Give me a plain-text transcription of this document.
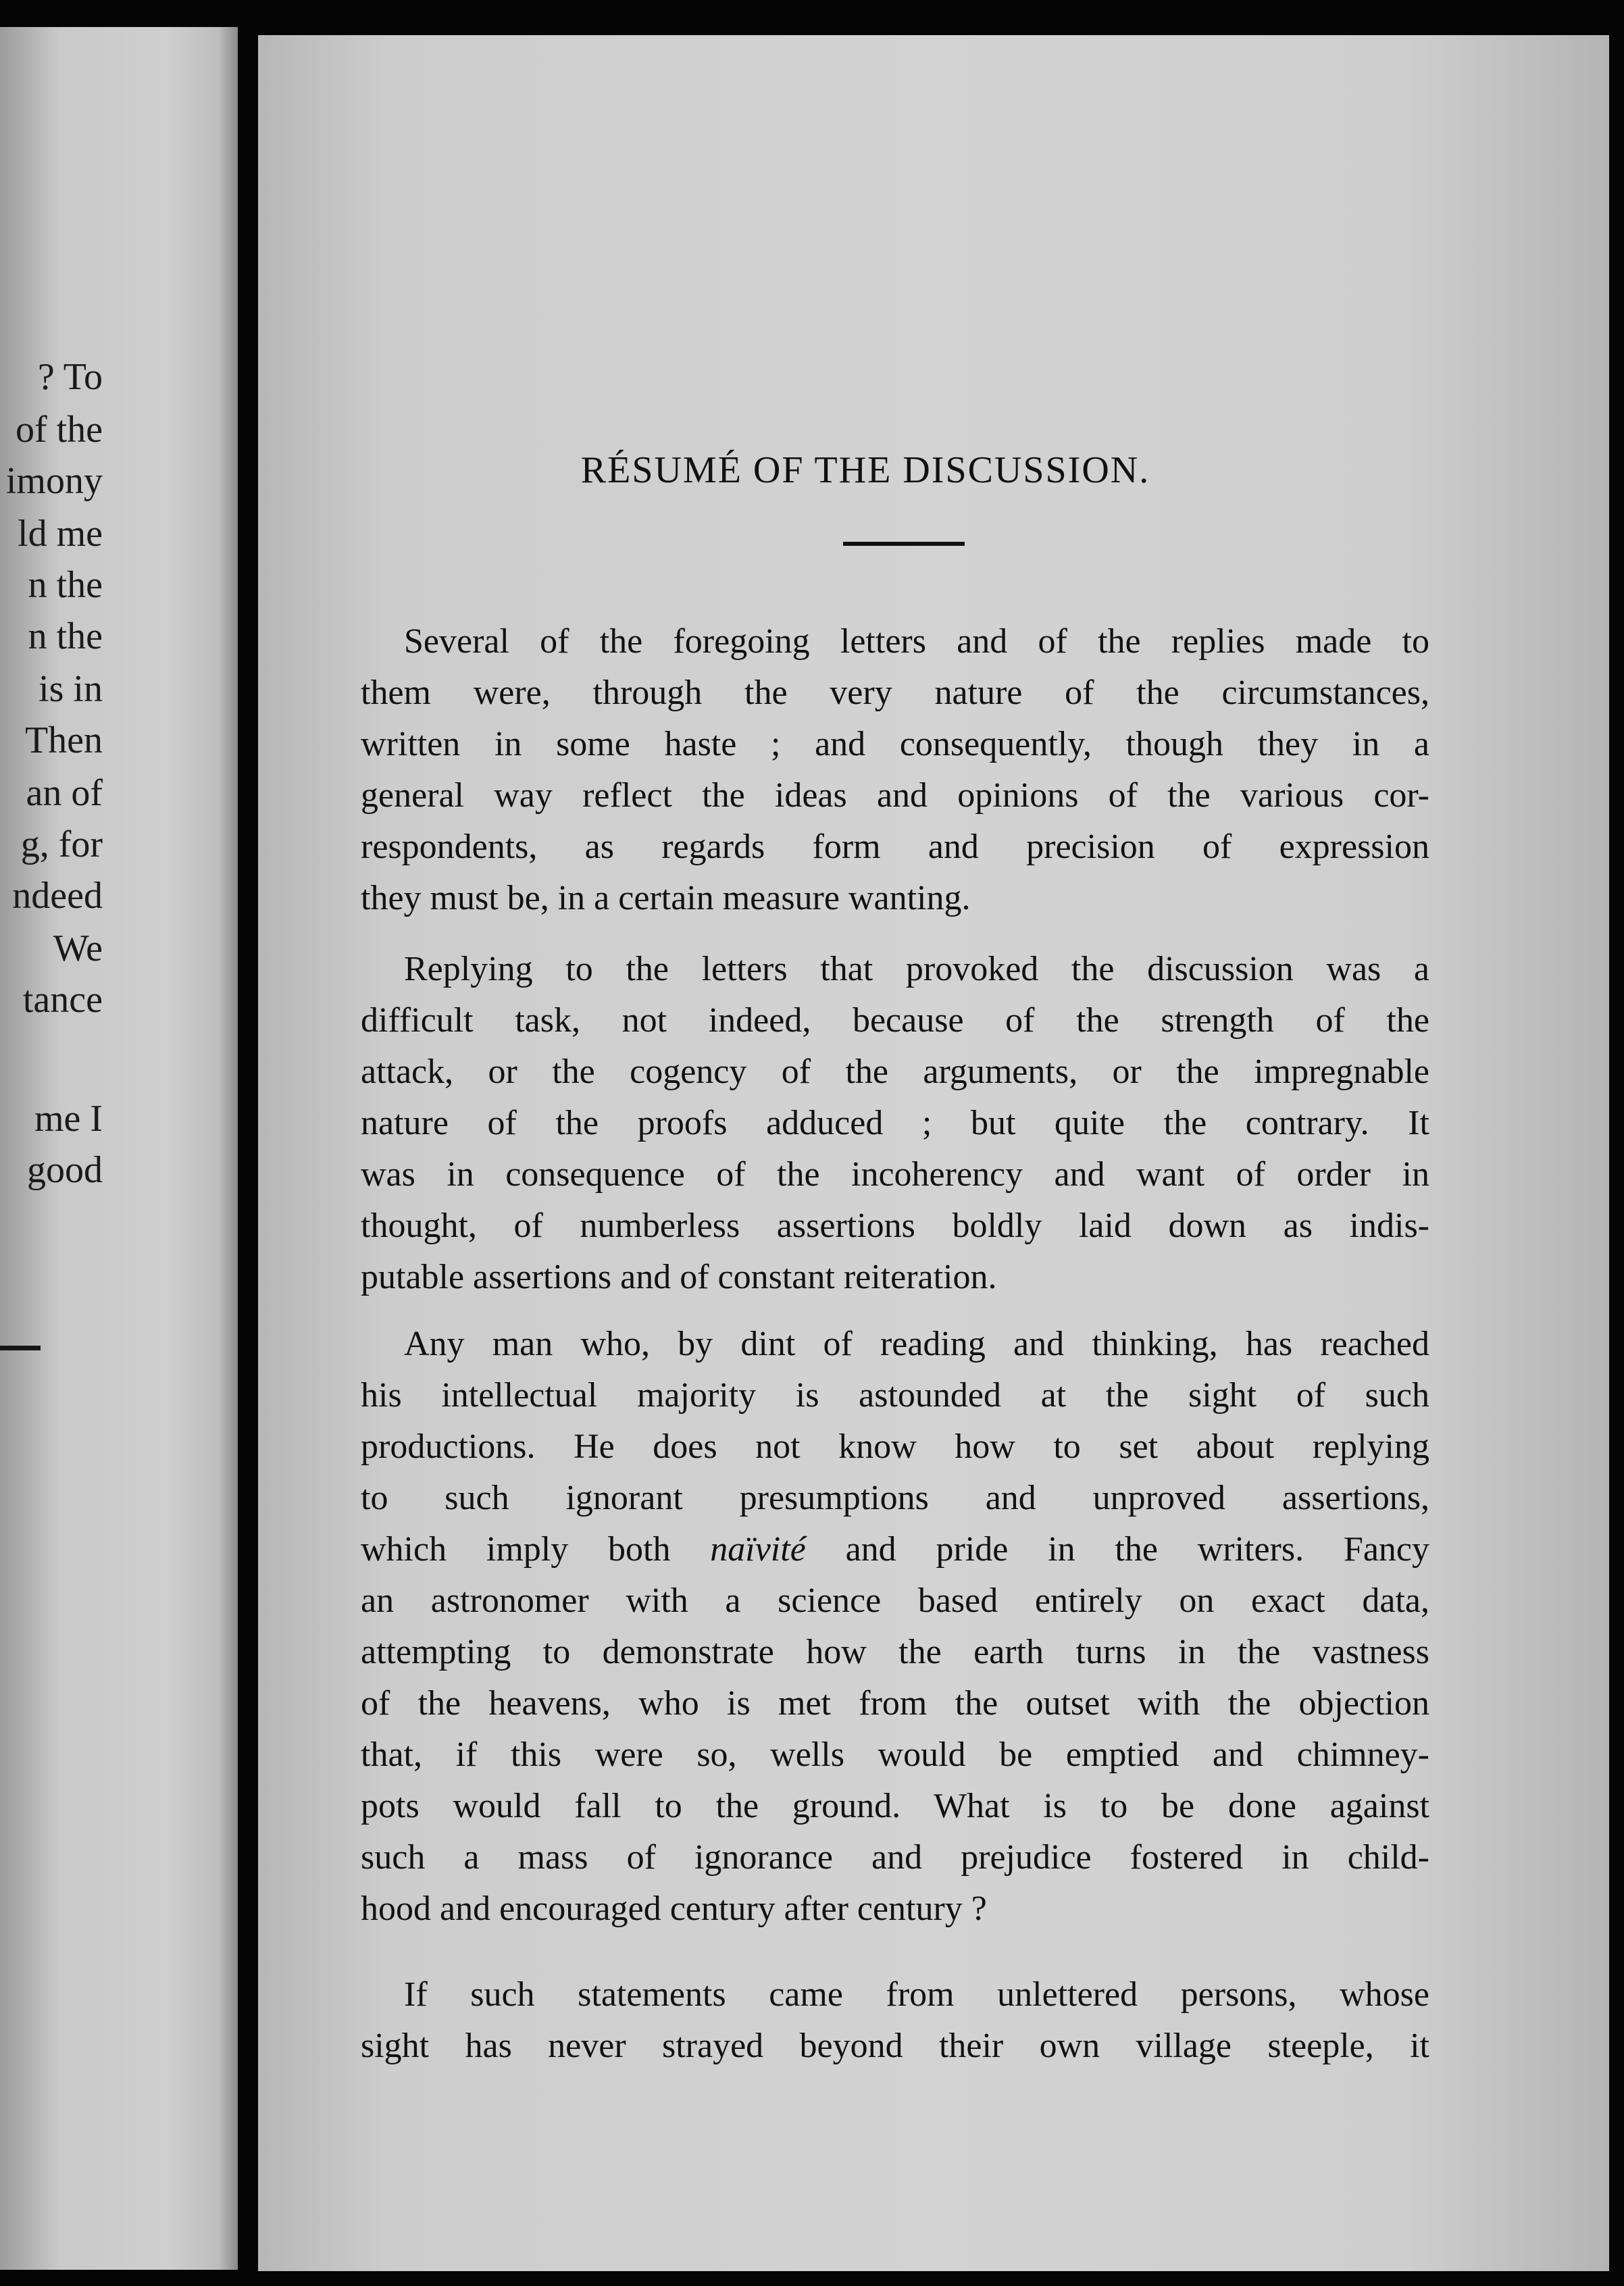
? To
of the
imony
ld me
n the
n the
is in
Then
an of
g, for
ndeed
We
tance
me I
good
RÉSUMÉ OF THE DISCUSSION.
Several of the foregoing letters and of the replies made to
them were, through the very nature of the circumstances,
written in some haste ; and consequently, though they in a
general way reflect the ideas and opinions of the various cor-
respondents, as regards form and precision of expression
they must be, in a certain measure wanting.
Replying to the letters that provoked the discussion was a
difficult task, not indeed, because of the strength of the
attack, or the cogency of the arguments, or the impregnable
nature of the proofs adduced ; but quite the contrary. It
was in consequence of the incoherency and want of order in
thought, of numberless assertions boldly laid down as indis-
putable assertions and of constant reiteration.
Any man who, by dint of reading and thinking, has reached
his intellectual majority is astounded at the sight of such
productions. He does not know how to set about replying
to such ignorant presumptions and unproved assertions,
which imply both naïvité and pride in the writers. Fancy
an astronomer with a science based entirely on exact data,
attempting to demonstrate how the earth turns in the vastness
of the heavens, who is met from the outset with the objection
that, if this were so, wells would be emptied and chimney-
pots would fall to the ground. What is to be done against
such a mass of ignorance and prejudice fostered in child-
hood and encouraged century after century ?
If such statements came from unlettered persons, whose
sight has never strayed beyond their own village steeple, it
